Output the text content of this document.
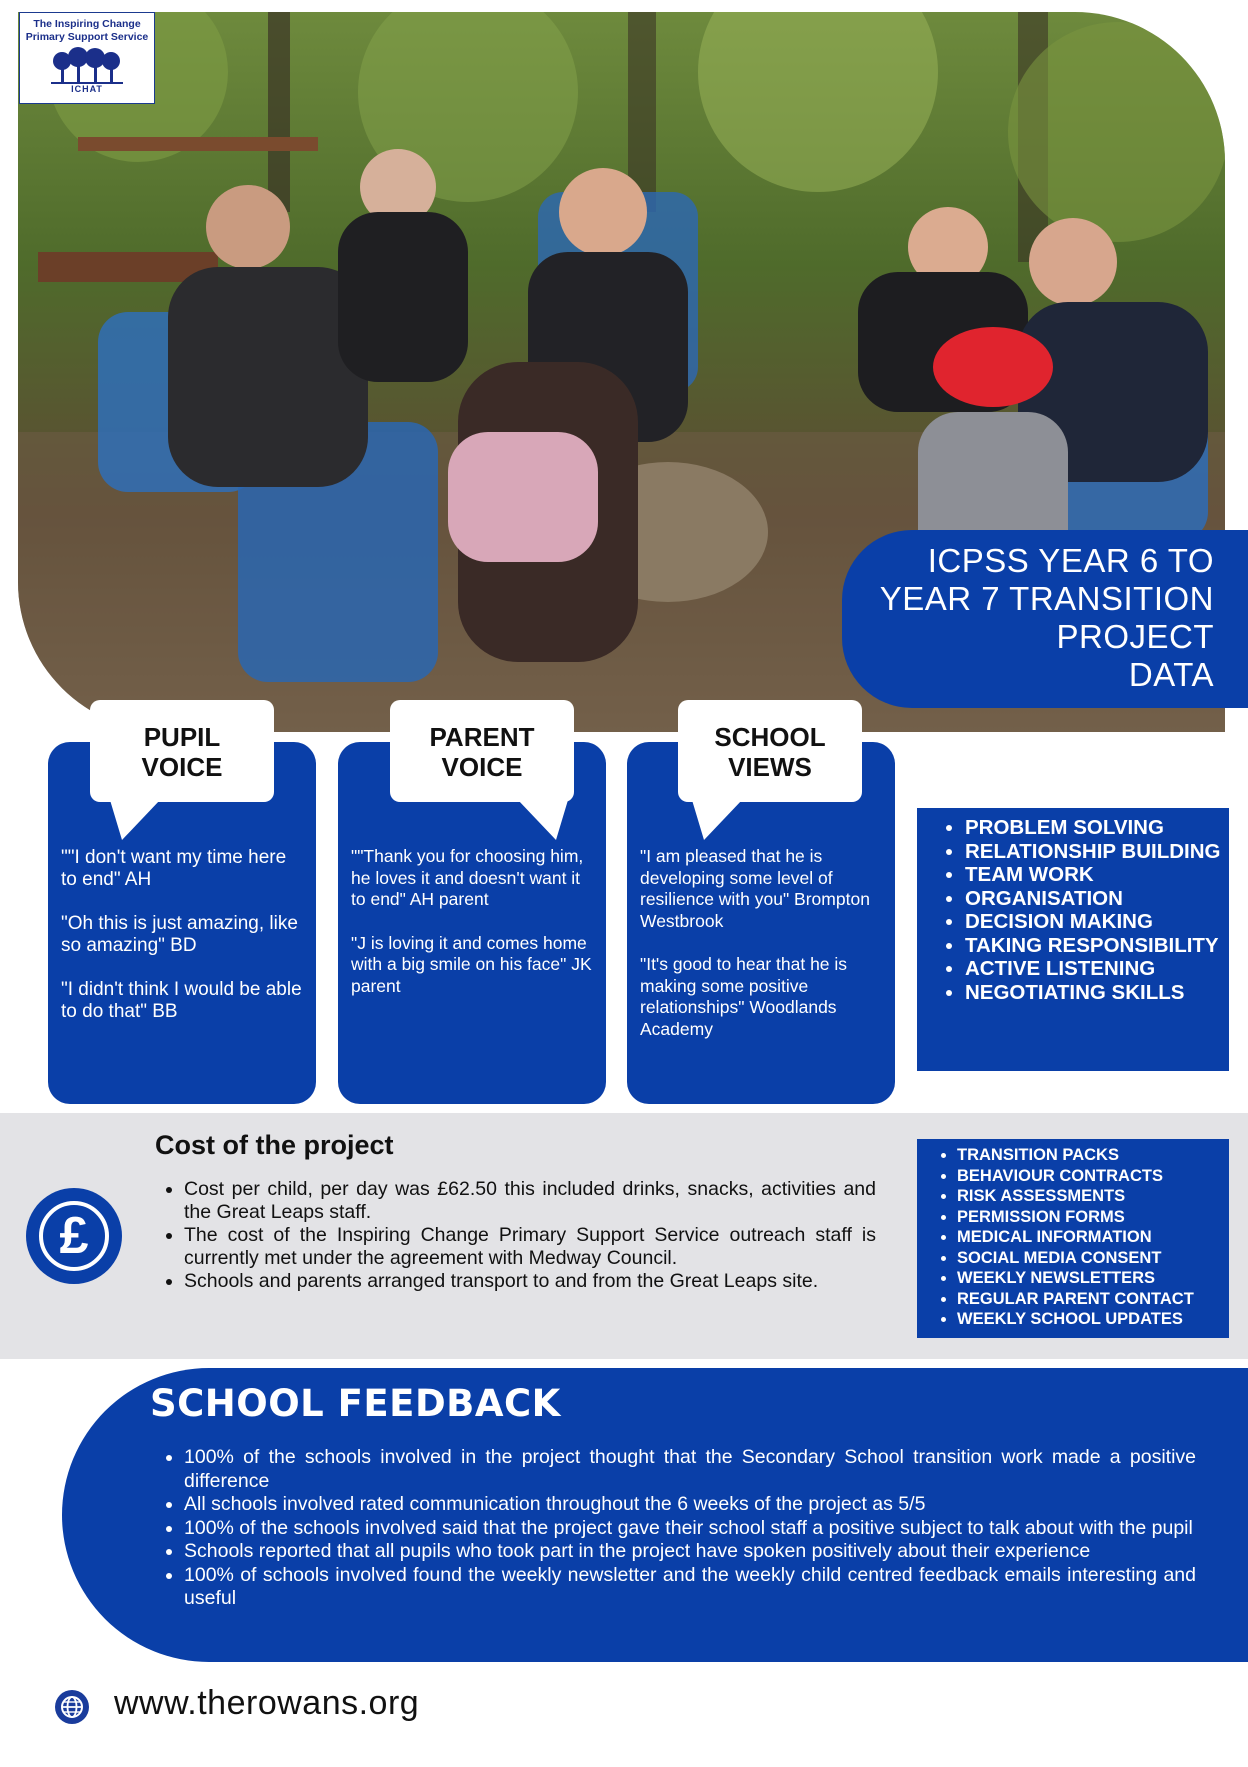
The Inspiring Change
Primary Support Service
ICHAT
ICPSS YEAR 6 TO
YEAR 7 TRANSITION
PROJECT
DATA

""I don't want my time here to end" AH

"Oh this is just amazing, like so amazing" BD

"I didn't think I would be able to do that" BB

PUPIL
VOICE

""Thank you for choosing him, he loves it and doesn't want it to end" AH parent

"J is loving it and comes home with a big smile on his face" JK parent

PARENT
VOICE

"I am pleased that he is developing some level of resilience with you" Brompton Westbrook

"It's good to hear that he is making some positive relationships" Woodlands Academy

SCHOOL
VIEWS
• PROBLEM SOLVING
• RELATIONSHIP BUILDING
• TEAM WORK
• ORGANISATION
• DECISION MAKING
• TAKING RESPONSIBILITY
• ACTIVE LISTENING
• NEGOTIATING SKILLS
Cost of the project
• Cost per child, per day was £62.50 this included drinks, snacks, activities and the Great Leaps staff.
• The cost of the Inspiring Change Primary Support Service outreach staff is currently met under the agreement with Medway Council.
• Schools and parents arranged transport to and from the Great Leaps site.
£
• TRANSITION PACKS
• BEHAVIOUR CONTRACTS
• RISK ASSESSMENTS
• PERMISSION FORMS
• MEDICAL INFORMATION
• SOCIAL MEDIA CONSENT
• WEEKLY NEWSLETTERS
• REGULAR PARENT CONTACT
• WEEKLY SCHOOL UPDATES
SCHOOL FEEDBACK
• 100% of the schools involved in the project thought that the Secondary School transition work made a positive difference
• All schools involved rated communication throughout the 6 weeks of the project as 5/5
• 100% of the schools involved said that the project gave their school staff a positive subject to talk about with the pupil
• Schools reported that all pupils who took part in the project have spoken positively about their experience
• 100% of schools involved found the weekly newsletter and the weekly child centred feedback emails interesting and useful
www.therowans.org
